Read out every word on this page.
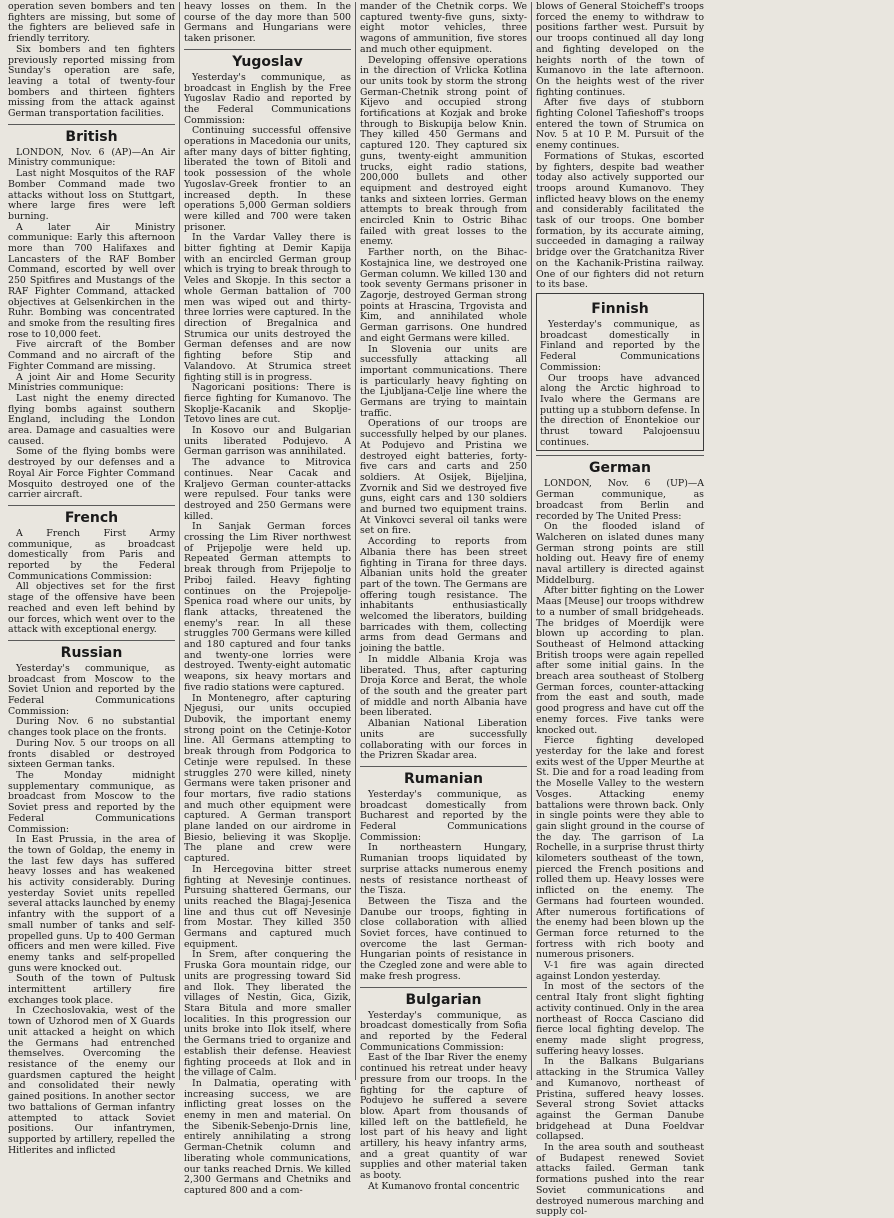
operation seven bombers and ten fighters are missing, but some of the fighters are believed safe in friendly territory.

Six bombers and ten fighters previously reported missing from Sunday's operation are safe, leaving a total of twenty-four bombers and thirteen fighters missing from the attack against German transportation facilities.

British

LONDON, Nov. 6 (AP)—An Air Ministry communique:

Last night Mosquitos of the RAF Bomber Command made two attacks without loss on Stuttgart, where large fires were left burning.

A later Air Ministry communique: Early this afternoon more than 700 Halifaxes and Lancasters of the RAF Bomber Command, escorted by well over 250 Spitfires and Mustangs of the RAF Fighter Command, attacked objectives at Gelsenkirchen in the Ruhr. Bombing was concentrated and smoke from the resulting fires rose to 10,000 feet.

Five aircraft of the Bomber Command and no aircraft of the Fighter Command are missing.

A joint Air and Home Security Ministries communique:

Last night the enemy directed flying bombs against southern England, including the London area. Damage and casualties were caused.

Some of the flying bombs were destroyed by our defenses and a Royal Air Force Fighter Command Mosquito destroyed one of the carrier aircraft.

French

A French First Army communique, as broadcast domestically from Paris and reported by the Federal Communications Commission:

All objectives set for the first stage of the offensive have been reached and even left behind by our forces, which went over to the attack with exceptional energy.

Russian

Yesterday's communique, as broadcast from Moscow to the Soviet Union and reported by the Federal Communications Commission:

During Nov. 6 no substantial changes took place on the fronts.

During Nov. 5 our troops on all fronts disabled or destroyed sixteen German tanks.

The Monday midnight supplementary communique, as broadcast from Moscow to the Soviet press and reported by the Federal Communications Commission:

In East Prussia, in the area of the town of Goldap, the enemy in the last few days has suffered heavy losses and has weakened his activity considerably. During yesterday Soviet units repelled several attacks launched by enemy infantry with the support of a small number of tanks and self-propelled guns. Up to 400 German officers and men were killed. Five enemy tanks and self-propelled guns were knocked out.

South of the town of Pultusk intermittent artillery fire exchanges took place.

In Czechoslovakia, west of the town of Uzhorod men of X Guards unit attacked a height on which the Germans had entrenched themselves. Overcoming the resistance of the enemy our guardsmen captured the height and consolidated their newly gained positions. In another sector two battalions of German infantry attempted to attack Soviet positions. Our infantrymen, supported by artillery, repelled the Hitlerites and inflicted

heavy losses on them. In the course of the day more than 500 Germans and Hungarians were taken prisoner.

Yugoslav

Yesterday's communique, as broadcast in English by the Free Yugoslav Radio and reported by the Federal Communications Commission:

Continuing successful offensive operations in Macedonia our units, after many days of bitter fighting, liberated the town of Bitoli and took possession of the whole Yugoslav-Greek frontier to an increased depth. In these operations 5,000 German soldiers were killed and 700 were taken prisoner.

In the Vardar Valley there is bitter fighting at Demir Kapija with an encircled German group which is trying to break through to Veles and Skopje. In this sector a whole German battalion of 700 men was wiped out and thirty-three lorries were captured. In the direction of Bregalnica and Strumica our units destroyed the German defenses and are now fighting before Stip and Valandovo. At Strumica street fighting still is in progress.

Nagoricani positions: There is fierce fighting for Kumanovo. The Skoplje-Kacanik and Skoplje-Tetovo lines are cut.

In Kosovo our and Bulgarian units liberated Podujevo. A German garrison was annihilated.

The advance to Mitrovica continues. Near Cacak and Kraljevo German counter-attacks were repulsed. Four tanks were destroyed and 250 Germans were killed.

In Sanjak German forces crossing the Lim River northwest of Prijepolje were held up. Repeated German attempts to break through from Prijepolje to Priboj failed. Heavy fighting continues on the Projepolje-Spenica road where our units, by flank attacks, threatened the enemy's rear. In all these struggles 700 Germans were killed and 180 captured and four tanks and twenty-one lorries were destroyed. Twenty-eight automatic weapons, six heavy mortars and five radio stations were captured.

In Montenegro, after capturing Njegusi, our units occupied Dubovik, the important enemy strong point on the Cetinje-Kotor line. All Germans attempting to break through from Podgorica to Cetinje were repulsed. In these struggles 270 were killed, ninety Germans were taken prisoner and four mortars, five radio stations and much other equipment were captured. A German transport plane landed on our airdrome in Biesio, believing it was Skoplje. The plane and crew were captured.

In Hercegovina bitter street fighting at Nevesinje continues. Pursuing shattered Germans, our units reached the Blagaj-Jesenica line and thus cut off Nevesinje from Mostar. They killed 350 Germans and captured much equipment.

In Srem, after conquering the Fruska Gora mountain ridge, our units are progressing toward Sid and Ilok. They liberated the villages of Nestin, Gica, Gizik, Stara Bitula and more smaller localities. In this progression our units broke into Ilok itself, where the Germans tried to organize and establish their defense. Heaviest fighting proceeds at Ilok and in the village of Calm.

In Dalmatia, operating with increasing success, we are inflicting great losses on the enemy in men and material. On the Sibenik-Sebenjo-Drnis line, entirely annihilating a strong German-Chetnik column and liberating whole communications, our tanks reached Drnis. We killed 2,300 Germans and Chetniks and captured 800 and a com-

mander of the Chetnik corps. We captured twenty-five guns, sixty-eight motor vehicles, three wagons of ammunition, five stores and much other equipment.

Developing offensive operations in the direction of Vrlicka Kotlina our units took by storm the strong German-Chetnik strong point of Kijevo and occupied strong fortifications at Kozjak and broke through to Biskupija below Knin. They killed 450 Germans and captured 120. They captured six guns, twenty-eight ammunition trucks, eight radio stations, 200,000 bullets and other equipment and destroyed eight tanks and sixteen lorries. German attempts to break through from encircled Knin to Ostric Bihac failed with great losses to the enemy.

Farther north, on the Bihac-Kostajnica line, we destroyed one German column. We killed 130 and took seventy Germans prisoner in Zagorje, destroyed German strong points at Hrascina, Trgovista and Kim, and annihilated whole German garrisons. One hundred and eight Germans were killed.

In Slovenia our units are successfully attacking all important communications. There is particularly heavy fighting on the Ljubljana-Celje line where the Germans are trying to maintain traffic.

Operations of our troops are successfully helped by our planes. At Podujevo and Pristina we destroyed eight batteries, forty-five cars and carts and 250 soldiers. At Osijek, Bijeljina, Zvornik and Sid we destroyed five guns, eight cars and 130 soldiers and burned two equipment trains. At Vinkovci several oil tanks were set on fire.

According to reports from Albania there has been street fighting in Tirana for three days. Albanian units hold the greater part of the town. The Germans are offering tough resistance. The inhabitants enthusiastically welcomed the liberators, building barricades with them, collecting arms from dead Germans and joining the battle.

In middle Albania Kroja was liberated. Thus, after capturing Droja Korce and Berat, the whole of the south and the greater part of middle and north Albania have been liberated.

Albanian National Liberation units are successfully collaborating with our forces in the Prizren Skadar area.

Rumanian

Yesterday's communique, as broadcast domestically from Bucharest and reported by the Federal Communications Commission:

In northeastern Hungary, Rumanian troops liquidated by surprise attacks numerous enemy nests of resistance northeast of the Tisza.

Between the Tisza and the Danube our troops, fighting in close collaboration with allied Soviet forces, have continued to overcome the last German-Hungarian points of resistance in the Czegled zone and were able to make fresh progress.

Bulgarian

Yesterday's communique, as broadcast domestically from Sofia and reported by the Federal Communications Commission:

East of the Ibar River the enemy continued his retreat under heavy pressure from our troops. In the fighting for the capture of Podujevo he suffered a severe blow. Apart from thousands of killed left on the battlefield, he lost part of his heavy and light artillery, his heavy infantry arms, and a great quantity of war supplies and other material taken as booty.

At Kumanovo frontal concentric

blows of General Stoicheff's troops forced the enemy to withdraw to positions farther west. Pursuit by our troops continued all day long and fighting developed on the heights north of the town of Kumanovo in the late afternoon. On the heights west of the river fighting continues.

After five days of stubborn fighting Colonel Tafieshoff's troops entered the town of Strumica on Nov. 5 at 10 P. M. Pursuit of the enemy continues.

Formations of Stukas, escorted by fighters, despite bad weather today also actively supported our troops around Kumanovo. They inflicted heavy blows on the enemy and considerably facilitated the task of our troops. One bomber formation, by its accurate aiming, succeeded in damaging a railway bridge over the Gratchanitza River on the Kachanik-Pristina railway. One of our fighters did not return to its base.

Finnish

Yesterday's communique, as broadcast domestically in Finland and reported by the Federal Communications Commission:

Our troops have advanced along the Arctic highroad to Ivalo where the Germans are putting up a stubborn defense. In the direction of Enontekioe our thrust toward Palojoensuu continues.

German

LONDON, Nov. 6 (UP)—A German communique, as broadcast from Berlin and recorded by The United Press:

On the flooded island of Walcheren on islated dunes many German strong points are still holding out. Heavy fire of enemy naval artillery is directed against Middelburg.

After bitter fighting on the Lower Maas [Meuse] our troops withdrew to a number of small bridgeheads. The bridges of Moerdijk were blown up according to plan. Southeast of Helmond attacking British troops were again repelled after some initial gains. In the breach area southeast of Stolberg German forces, counter-attacking from the east and south, made good progress and have cut off the enemy forces. Five tanks were knocked out.

Fierce fighting developed yesterday for the lake and forest exits west of the Upper Meurthe at St. Die and for a road leading from the Moselle Valley to the western Vosges. Attacking enemy battalions were thrown back. Only in single points were they able to gain slight ground in the course of the day. The garrison of La Rochelle, in a surprise thrust thirty kilometers southeast of the town, pierced the French positions and rolled them up. Heavy losses were inflicted on the enemy. The Germans had fourteen wounded. After numerous fortifications of the enemy had been blown up the German force returned to the fortress with rich booty and numerous prisoners.

V-1 fire was again directed against London yesterday.

In most of the sectors of the central Italy front slight fighting activity continued. Only in the area northeast of Rocca Casciano did fierce local fighting develop. The enemy made slight progress, suffering heavy losses.

In the Balkans Bulgarians attacking in the Strumica Valley and Kumanovo, northeast of Pristina, suffered heavy losses. Several strong Soviet attacks against the German Danube bridgehead at Duna Foeldvar collapsed.

In the area south and southeast of Budapest renewed Soviet attacks failed. German tank formations pushed into the rear Soviet communications and destroyed numerous marching and supply col-
